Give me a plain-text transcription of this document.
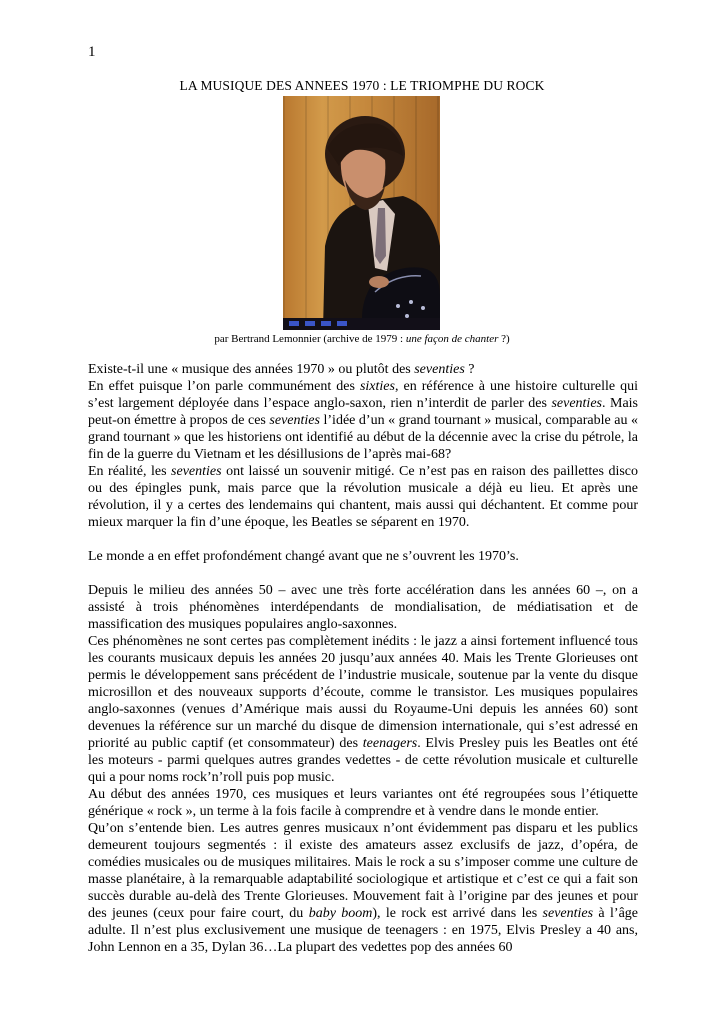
1
LA MUSIQUE DES ANNEES 1970 : LE TRIOMPHE DU ROCK
par Bertrand Lemonnier (archive de 1979 : une façon de chanter ?)

Existe-t-il une « musique des années 1970 » ou plutôt des seventies ?

En effet puisque l’on parle communément des sixties, en référence à une histoire culturelle qui s’est largement déployée dans l’espace anglo-saxon, rien n’interdit de parler des seventies. Mais peut-on émettre à propos de ces seventies l’idée d’un « grand tournant » musical, comparable au « grand tournant » que les historiens ont identifié au début de la décennie avec la crise du pétrole, la fin de la guerre du Vietnam et les désillusions de l’après mai-68?

En réalité, les seventies ont laissé un souvenir mitigé. Ce n’est pas en raison des paillettes disco ou des épingles punk, mais parce que la révolution musicale a déjà eu lieu. Et après une révolution, il y a certes des lendemains qui chantent, mais aussi qui déchantent. Et comme pour mieux marquer la fin d’une époque, les Beatles se séparent en 1970.

Le monde a en effet profondément changé avant que ne s’ouvrent les 1970’s.

Depuis le milieu des années 50 – avec une très forte accélération dans les années 60 –, on a assisté à trois phénomènes interdépendants de mondialisation, de médiatisation et de massification des musiques populaires anglo-saxonnes.

Ces phénomènes ne sont certes pas complètement inédits : le jazz a ainsi fortement influencé tous les courants musicaux depuis les années 20 jusqu’aux années 40. Mais les Trente Glorieuses ont permis le développement sans précédent de l’industrie musicale, soutenue par la vente du disque microsillon et des nouveaux supports d’écoute, comme le transistor. Les musiques populaires anglo-saxonnes (venues d’Amérique mais aussi du Royaume-Uni depuis les années 60) sont devenues la référence sur un marché du disque de dimension internationale, qui s’est adressé en priorité au public captif (et consommateur) des teenagers. Elvis Presley puis les Beatles ont été les moteurs - parmi quelques autres grandes vedettes - de cette révolution musicale et culturelle qui a pour noms rock’n’roll puis pop music.

Au début des années 1970, ces musiques et leurs variantes ont été regroupées sous l’étiquette générique « rock », un terme à la fois facile à comprendre et à vendre dans le monde entier.

Qu’on s’entende bien. Les autres genres musicaux n’ont évidemment pas disparu et les publics demeurent toujours segmentés : il existe des amateurs assez exclusifs de jazz, d’opéra, de comédies musicales ou de musiques militaires. Mais le rock a su s’imposer comme une culture de masse planétaire, à la remarquable adaptabilité sociologique et artistique et c’est ce qui a fait son succès durable au-delà des Trente Glorieuses. Mouvement fait à l’origine par des jeunes et pour des jeunes (ceux pour faire court, du baby boom), le rock est arrivé dans les seventies à l’âge adulte. Il n’est plus exclusivement une musique de teenagers : en 1975, Elvis Presley a 40 ans, John Lennon en a 35, Dylan 36…La plupart des vedettes pop des années 60
